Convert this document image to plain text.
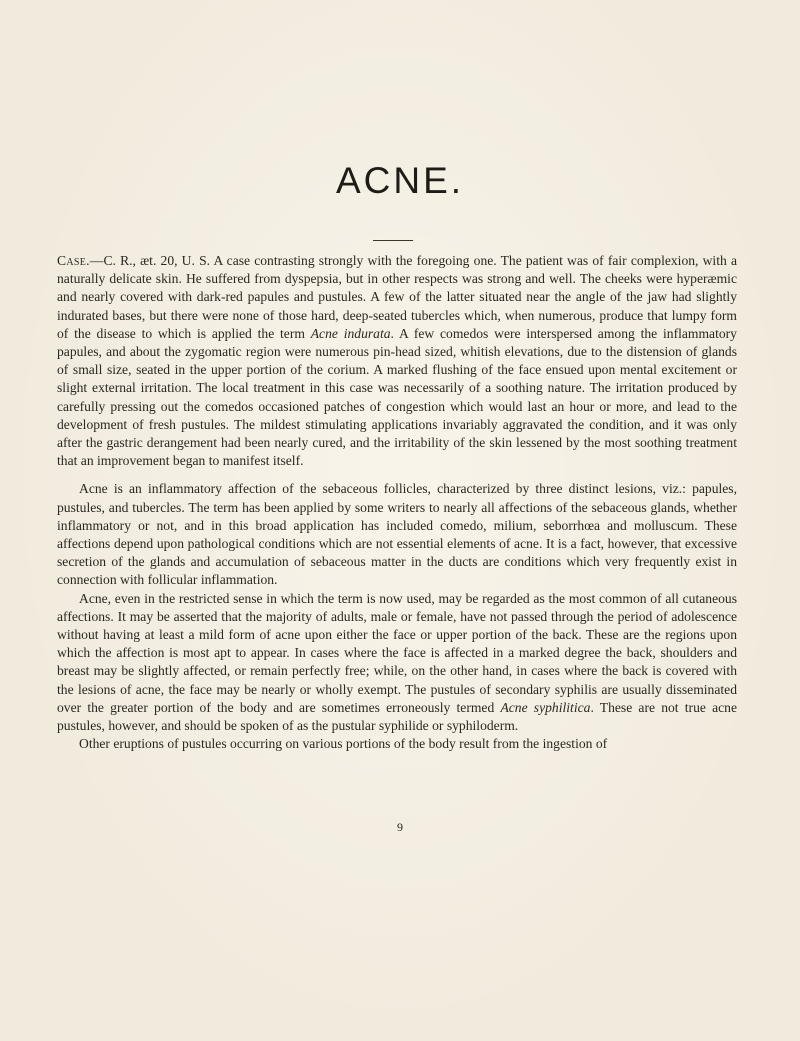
ACNE.

Case.—C. R., æt. 20, U. S. A case contrasting strongly with the foregoing one. The patient was of fair complexion, with a naturally delicate skin. He suffered from dyspepsia, but in other respects was strong and well. The cheeks were hyperæmic and nearly covered with dark-red papules and pustules. A few of the latter situated near the angle of the jaw had slightly indurated bases, but there were none of those hard, deep-seated tubercles which, when numerous, produce that lumpy form of the disease to which is applied the term Acne indurata. A few comedos were interspersed among the inflammatory papules, and about the zygomatic region were numerous pin-head sized, whitish elevations, due to the distension of glands of small size, seated in the upper portion of the corium. A marked flushing of the face ensued upon mental excitement or slight external irritation. The local treatment in this case was necessarily of a soothing nature. The irritation produced by carefully pressing out the comedos occasioned patches of congestion which would last an hour or more, and lead to the development of fresh pustules. The mildest stimulating applications invariably aggravated the condition, and it was only after the gastric derangement had been nearly cured, and the irritability of the skin lessened by the most soothing treatment that an improvement began to manifest itself.

Acne is an inflammatory affection of the sebaceous follicles, characterized by three distinct lesions, viz.: papules, pustules, and tubercles. The term has been applied by some writers to nearly all affections of the sebaceous glands, whether inflammatory or not, and in this broad application has included comedo, milium, seborrhœa and molluscum. These affections depend upon pathological conditions which are not essential elements of acne. It is a fact, however, that excessive secretion of the glands and accumulation of sebaceous matter in the ducts are conditions which very frequently exist in connection with follicular inflammation.

Acne, even in the restricted sense in which the term is now used, may be regarded as the most common of all cutaneous affections. It may be asserted that the majority of adults, male or female, have not passed through the period of adolescence without having at least a mild form of acne upon either the face or upper portion of the back. These are the regions upon which the affection is most apt to appear. In cases where the face is affected in a marked degree the back, shoulders and breast may be slightly affected, or remain perfectly free; while, on the other hand, in cases where the back is covered with the lesions of acne, the face may be nearly or wholly exempt. The pustules of secondary syphilis are usually disseminated over the greater portion of the body and are sometimes erroneously termed Acne syphilitica. These are not true acne pustules, however, and should be spoken of as the pustular syphilide or syphiloderm.

Other eruptions of pustules occurring on various portions of the body result from the ingestion of

9
